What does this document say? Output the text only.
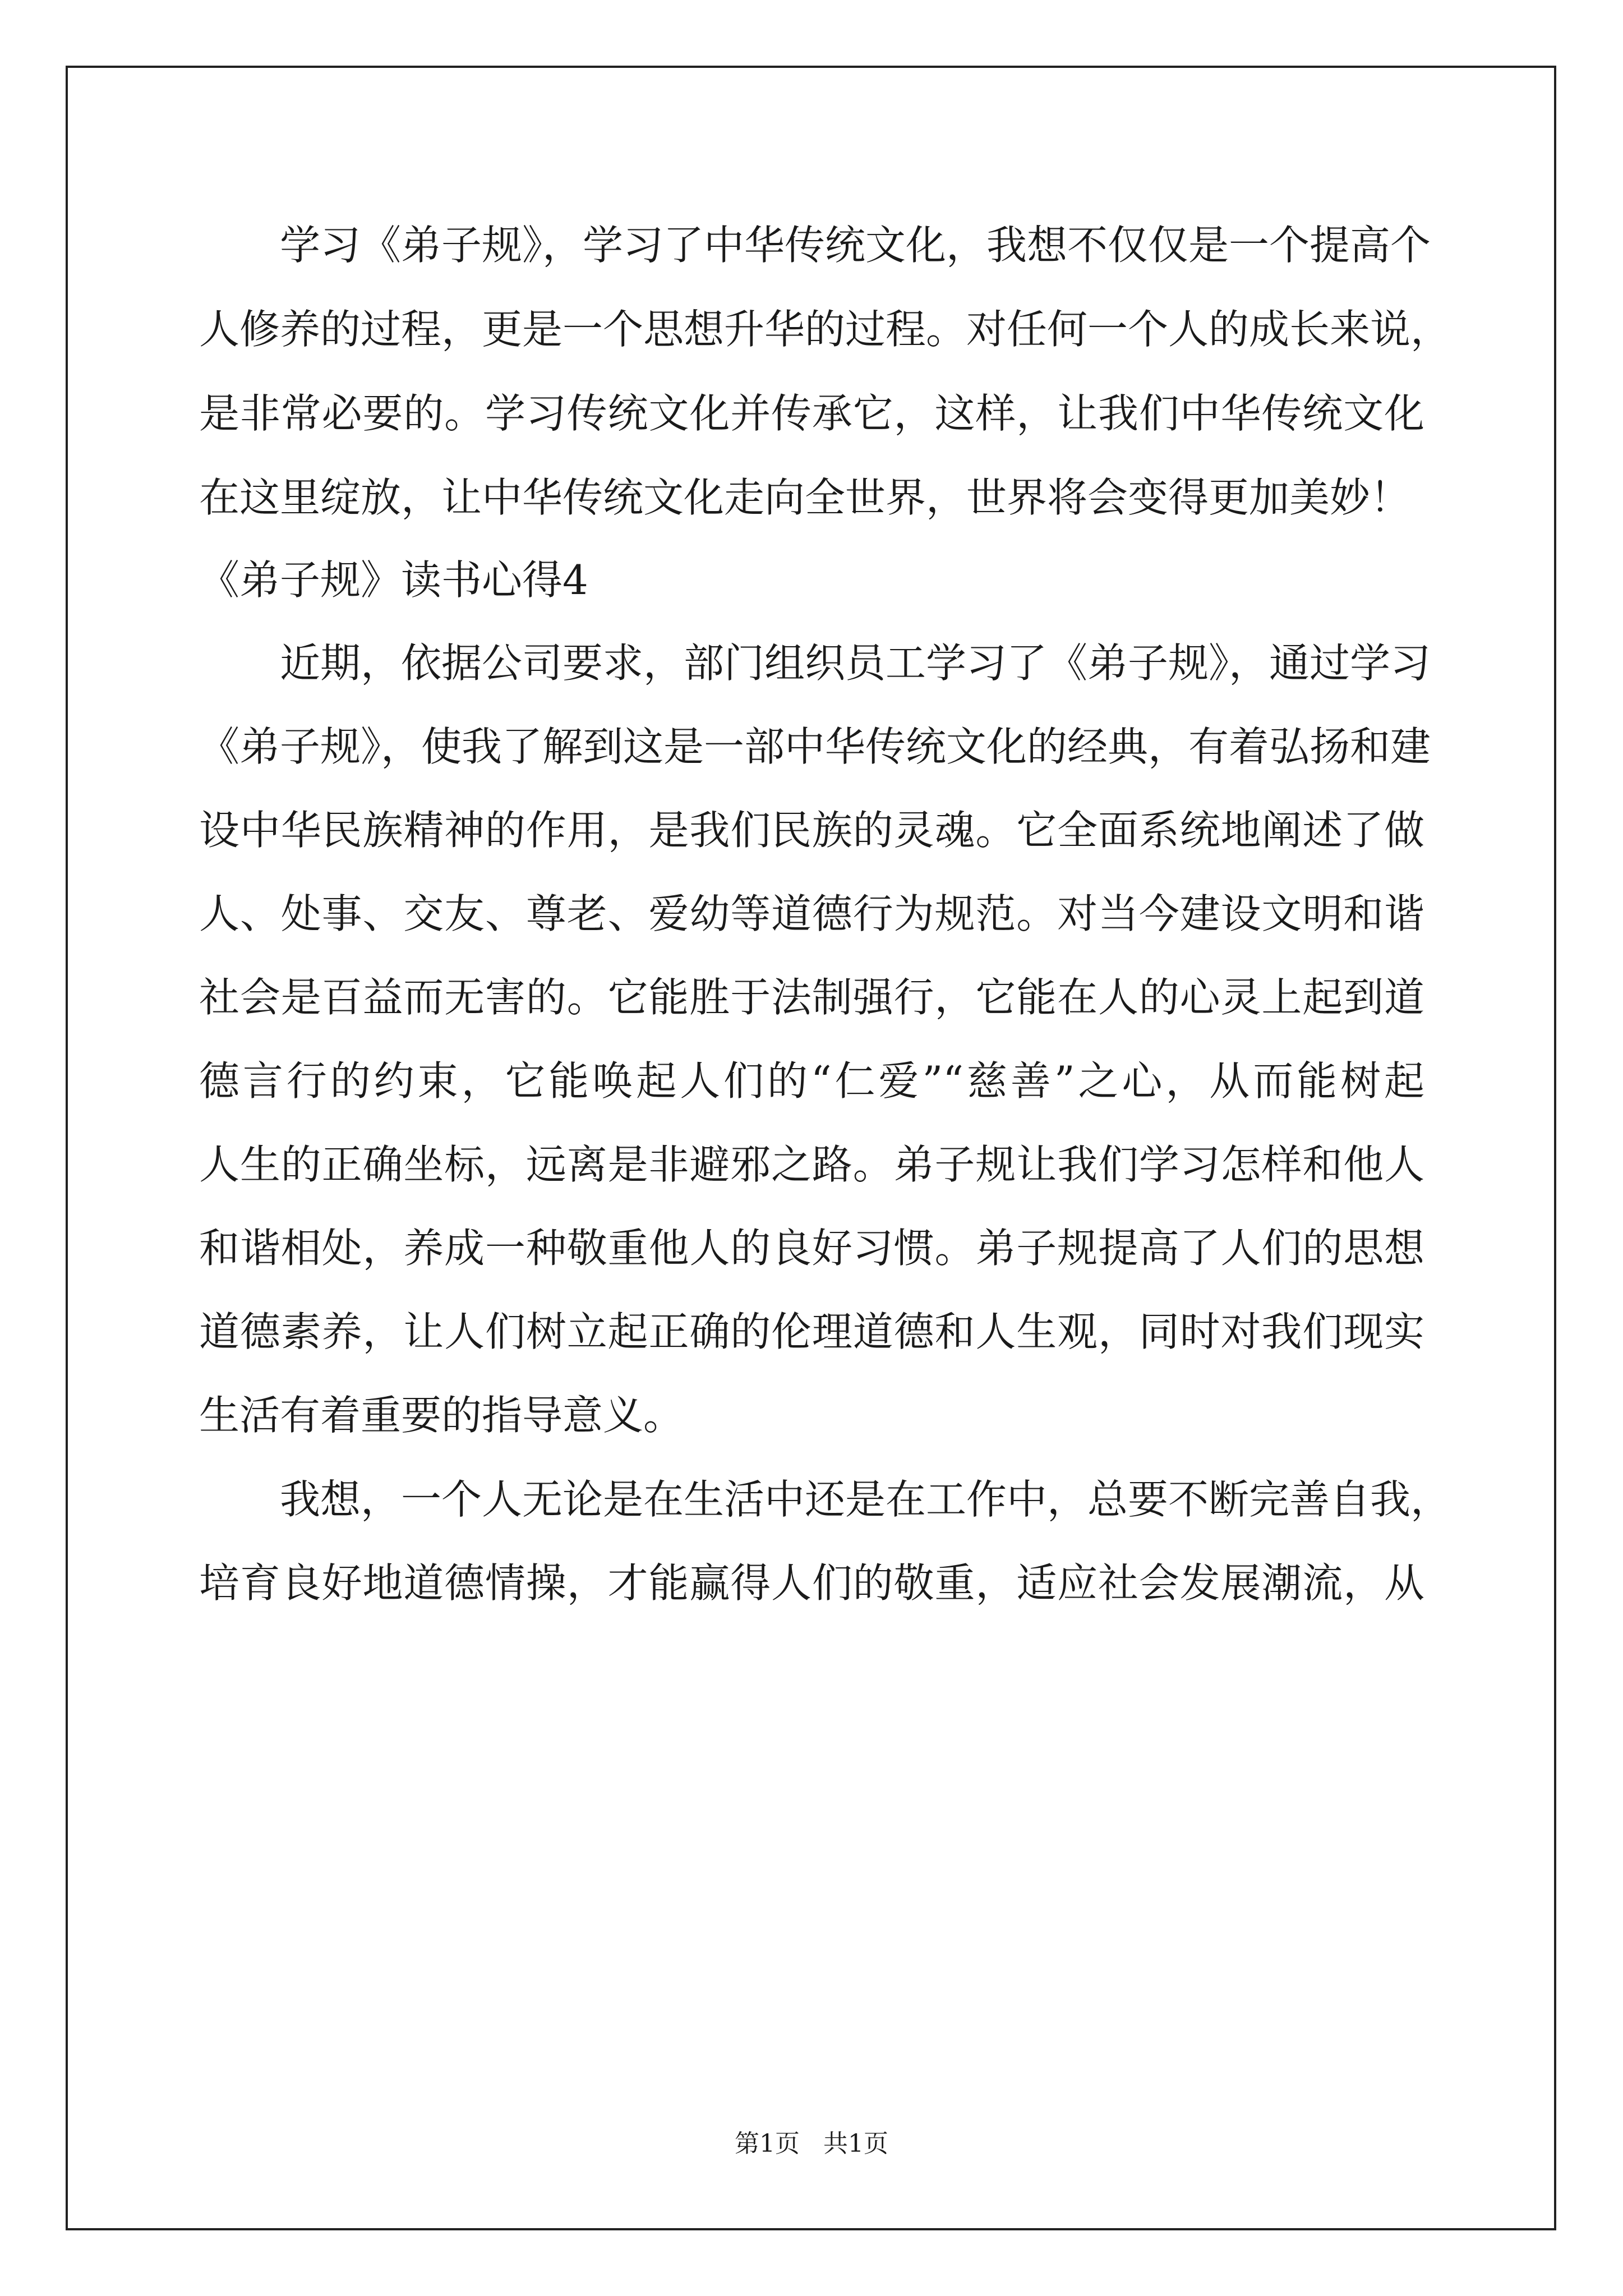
　　学习《弟子规》，学习了中华传统文化，我想不仅仅是一个提高个
人修养的过程，更是一个思想升华的过程。对任何一个人的成长来说，
是非常必要的。学习传统文化并传承它，这样，让我们中华传统文化
在这里绽放，让中华传统文化走向全世界，世界将会变得更加美妙！
《弟子规》读书心得4
　　近期，依据公司要求，部门组织员工学习了《弟子规》，通过学习
《弟子规》，使我了解到这是一部中华传统文化的经典，有着弘扬和建
设中华民族精神的作用，是我们民族的灵魂。它全面系统地阐述了做
人、处事、交友、尊老、爱幼等道德行为规范。对当今建设文明和谐
社会是百益而无害的。它能胜于法制强行，它能在人的心灵上起到道
德言行的约束，它能唤起人们的“仁爱”“慈善”之心，从而能树起
人生的正确坐标，远离是非避邪之路。弟子规让我们学习怎样和他人
和谐相处，养成一种敬重他人的良好习惯。弟子规提高了人们的思想
道德素养，让人们树立起正确的伦理道德和人生观，同时对我们现实
生活有着重要的指导意义。
　　我想，一个人无论是在生活中还是在工作中，总要不断完善自我，
培育良好地道德情操，才能赢得人们的敬重，适应社会发展潮流，从
第1页 共1页
